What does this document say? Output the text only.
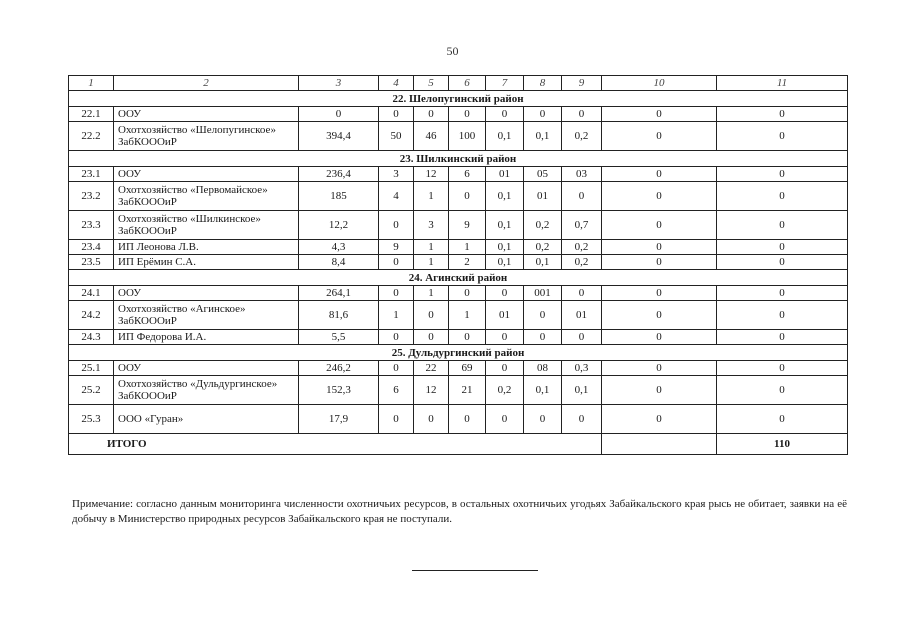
50
1	2	3	4	5	6	7	8	9	10	11
22. Шелопугинский район										
22.1	ООУ	0	0	0	0	0	0	0	0	0
22.2	Охотхозяйство «Шелопугинское» ЗабКОООиР	394,4	50	46	100	0,1	0,1	0,2	0	0
23. Шилкинский район										
23.1	ООУ	236,4	3	12	6	01	05	03	0	0
23.2	Охотхозяйство «Первомайское» ЗабКОООиР	185	4	1	0	0,1	01	0	0	0
23.3	Охотхозяйство «Шилкинское» ЗабКОООиР	12,2	0	3	9	0,1	0,2	0,7	0	0
23.4	ИП Леонова Л.В.	4,3	9	1	1	0,1	0,2	0,2	0	0
23.5	ИП Ерёмин С.А.	8,4	0	1	2	0,1	0,1	0,2	0	0
24. Агинский район										
24.1	ООУ	264,1	0	1	0	0	001	0	0	0
24.2	Охотхозяйство «Агинское» ЗабКОООиР	81,6	1	0	1	01	0	01	0	0
24.3	ИП Федорова И.А.	5,5	0	0	0	0	0	0	0	0
25. Дульдургинский район										
25.1	ООУ	246,2	0	22	69	0	08	0,3	0	0
25.2	Охотхозяйство «Дульдургинское» ЗабКОООиР	152,3	6	12	21	0,2	0,1	0,1	0	0
25.3	ООО «Гуран»	17,9	0	0	0	0	0	0	0	0
ИТОГО										110

Примечание: согласно данным мониторинга численности охотничьих ресурсов, в остальных охотничьих угодьях Забайкальского края рысь не обитает, заявки на её добычу в Министерство природных ресурсов Забайкальского края не поступали.
